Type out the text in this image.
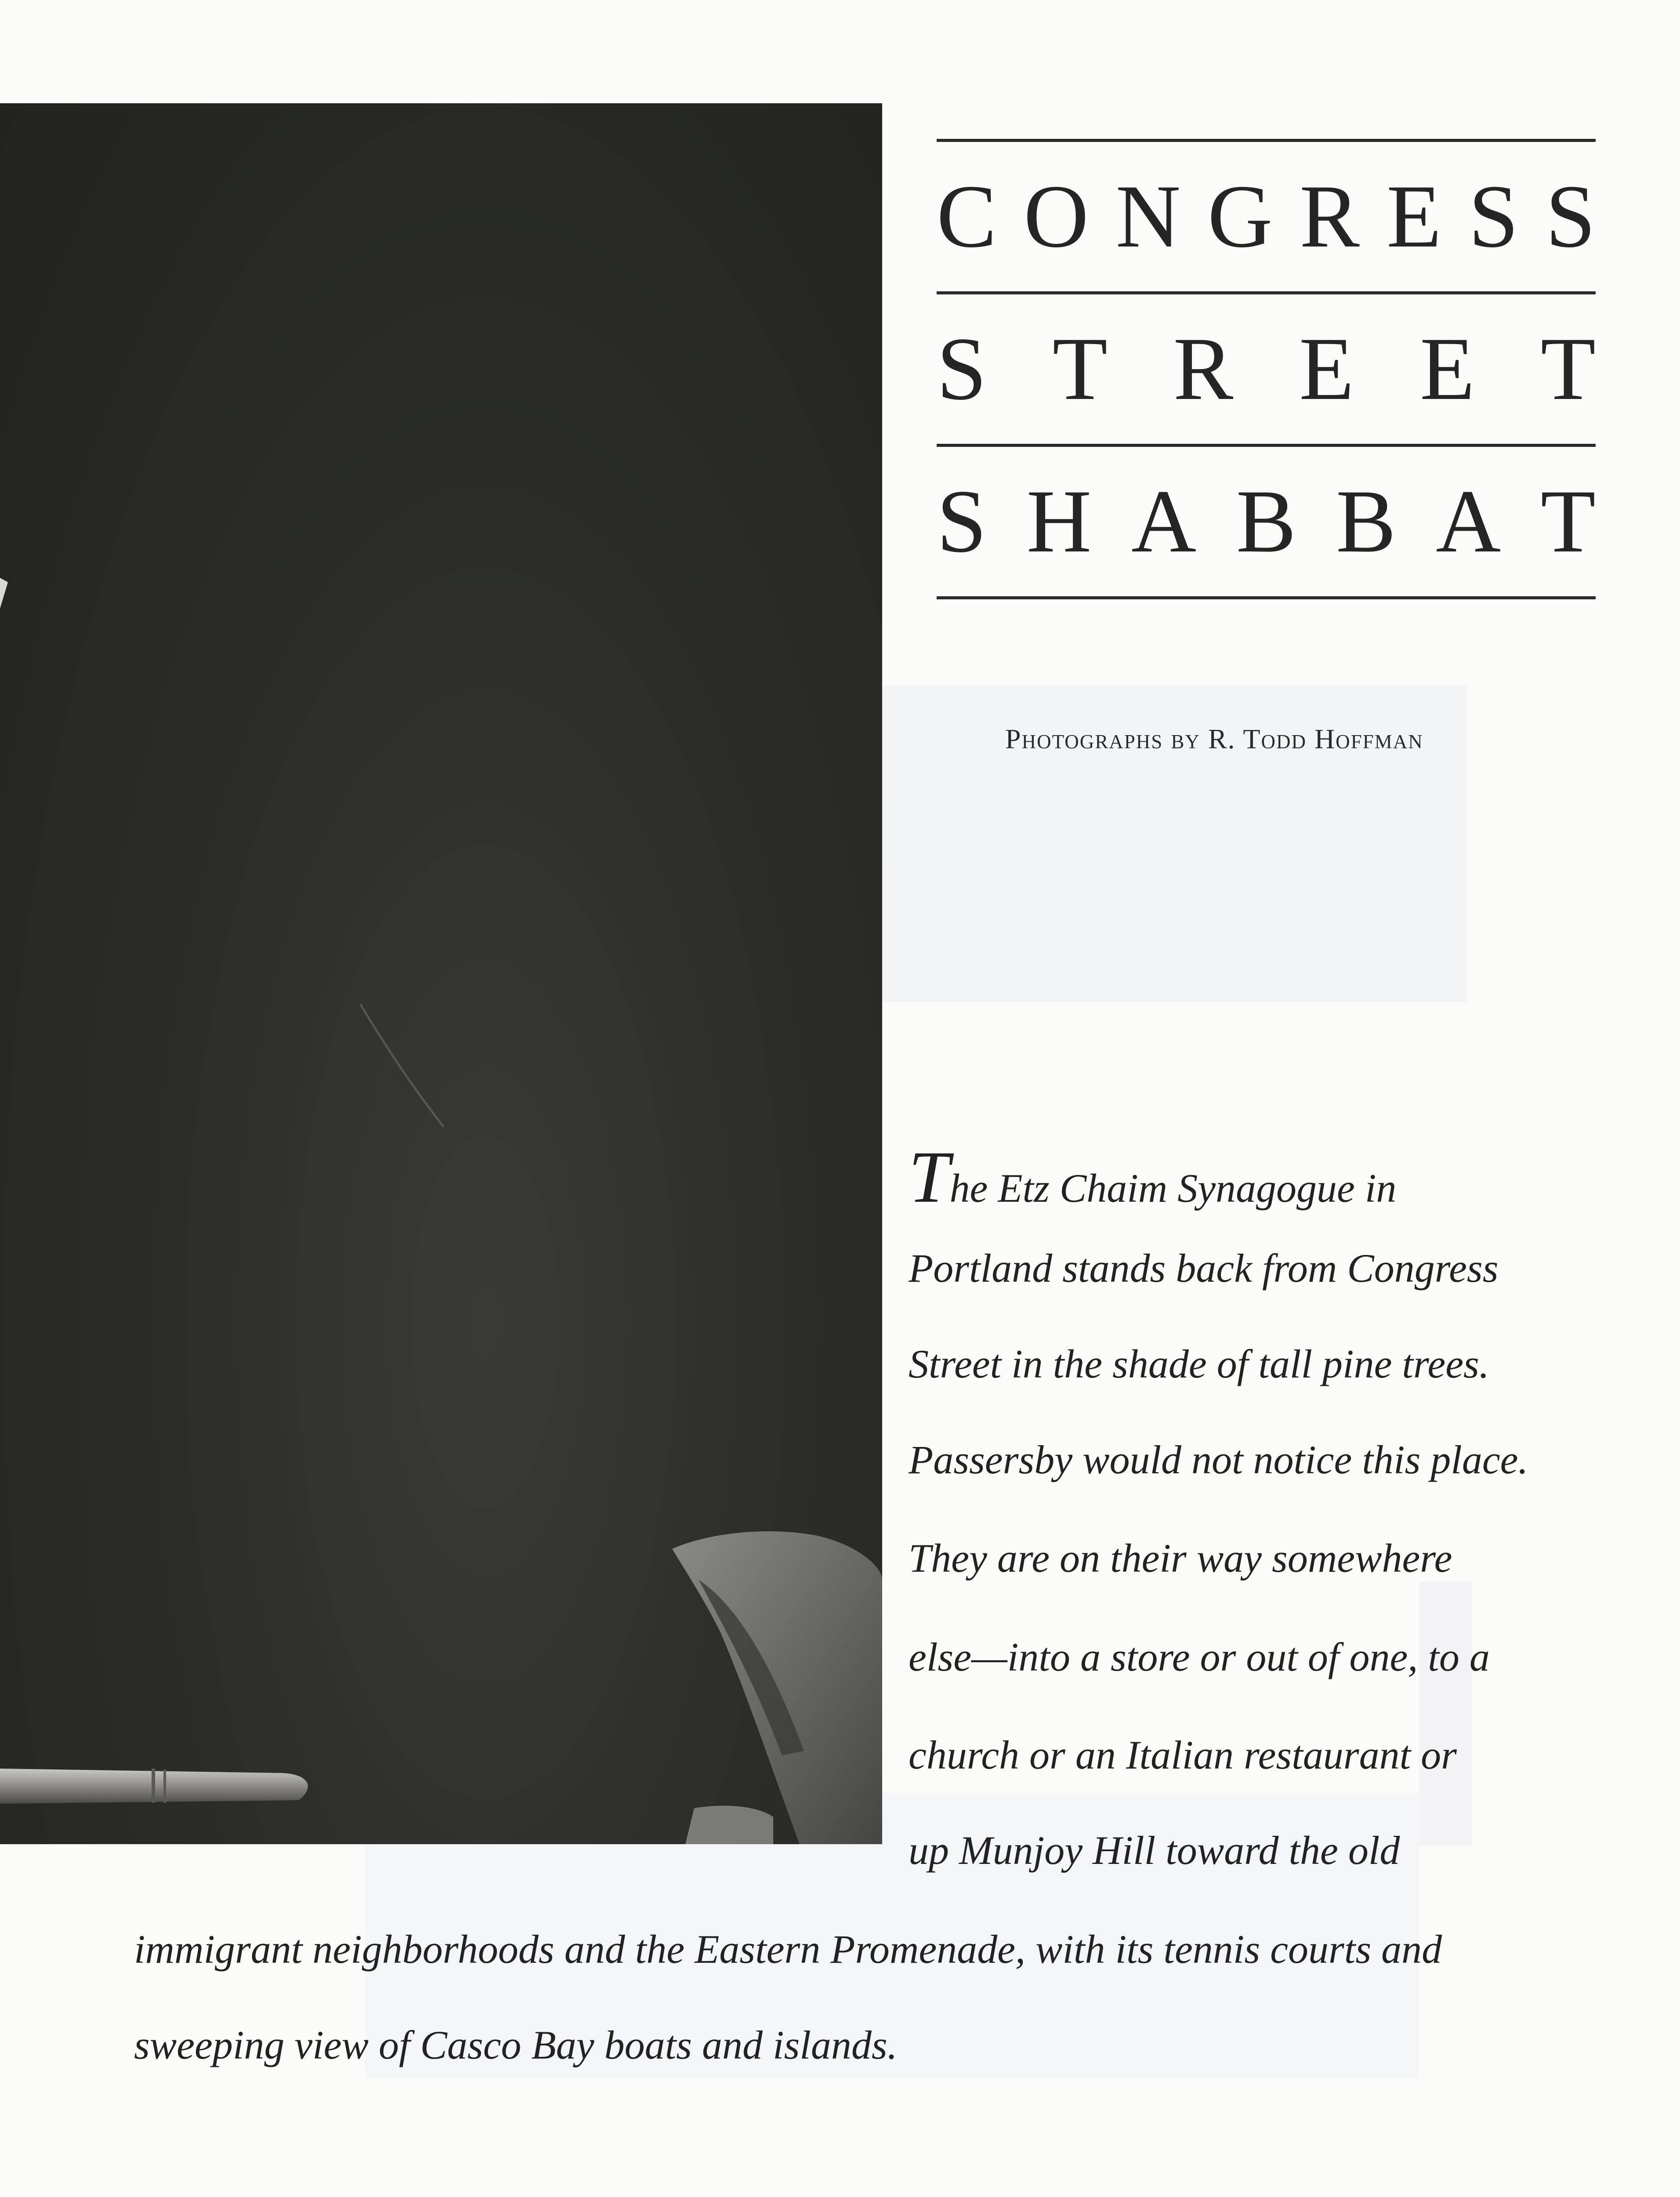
C O N G R E S S
S T R E E T
S H A B B A T
Photographs by R. Todd Hoffman
The Etz Chaim Synagogue in
Portland stands back from Congress
Street in the shade of tall pine trees.
Passersby would not notice this place.
They are on their way somewhere
else—into a store or out of one, to a
church or an Italian restaurant or
up Munjoy Hill toward the old
immigrant neighborhoods and the Eastern Promenade, with its tennis courts and
sweeping view of Casco Bay boats and islands.
